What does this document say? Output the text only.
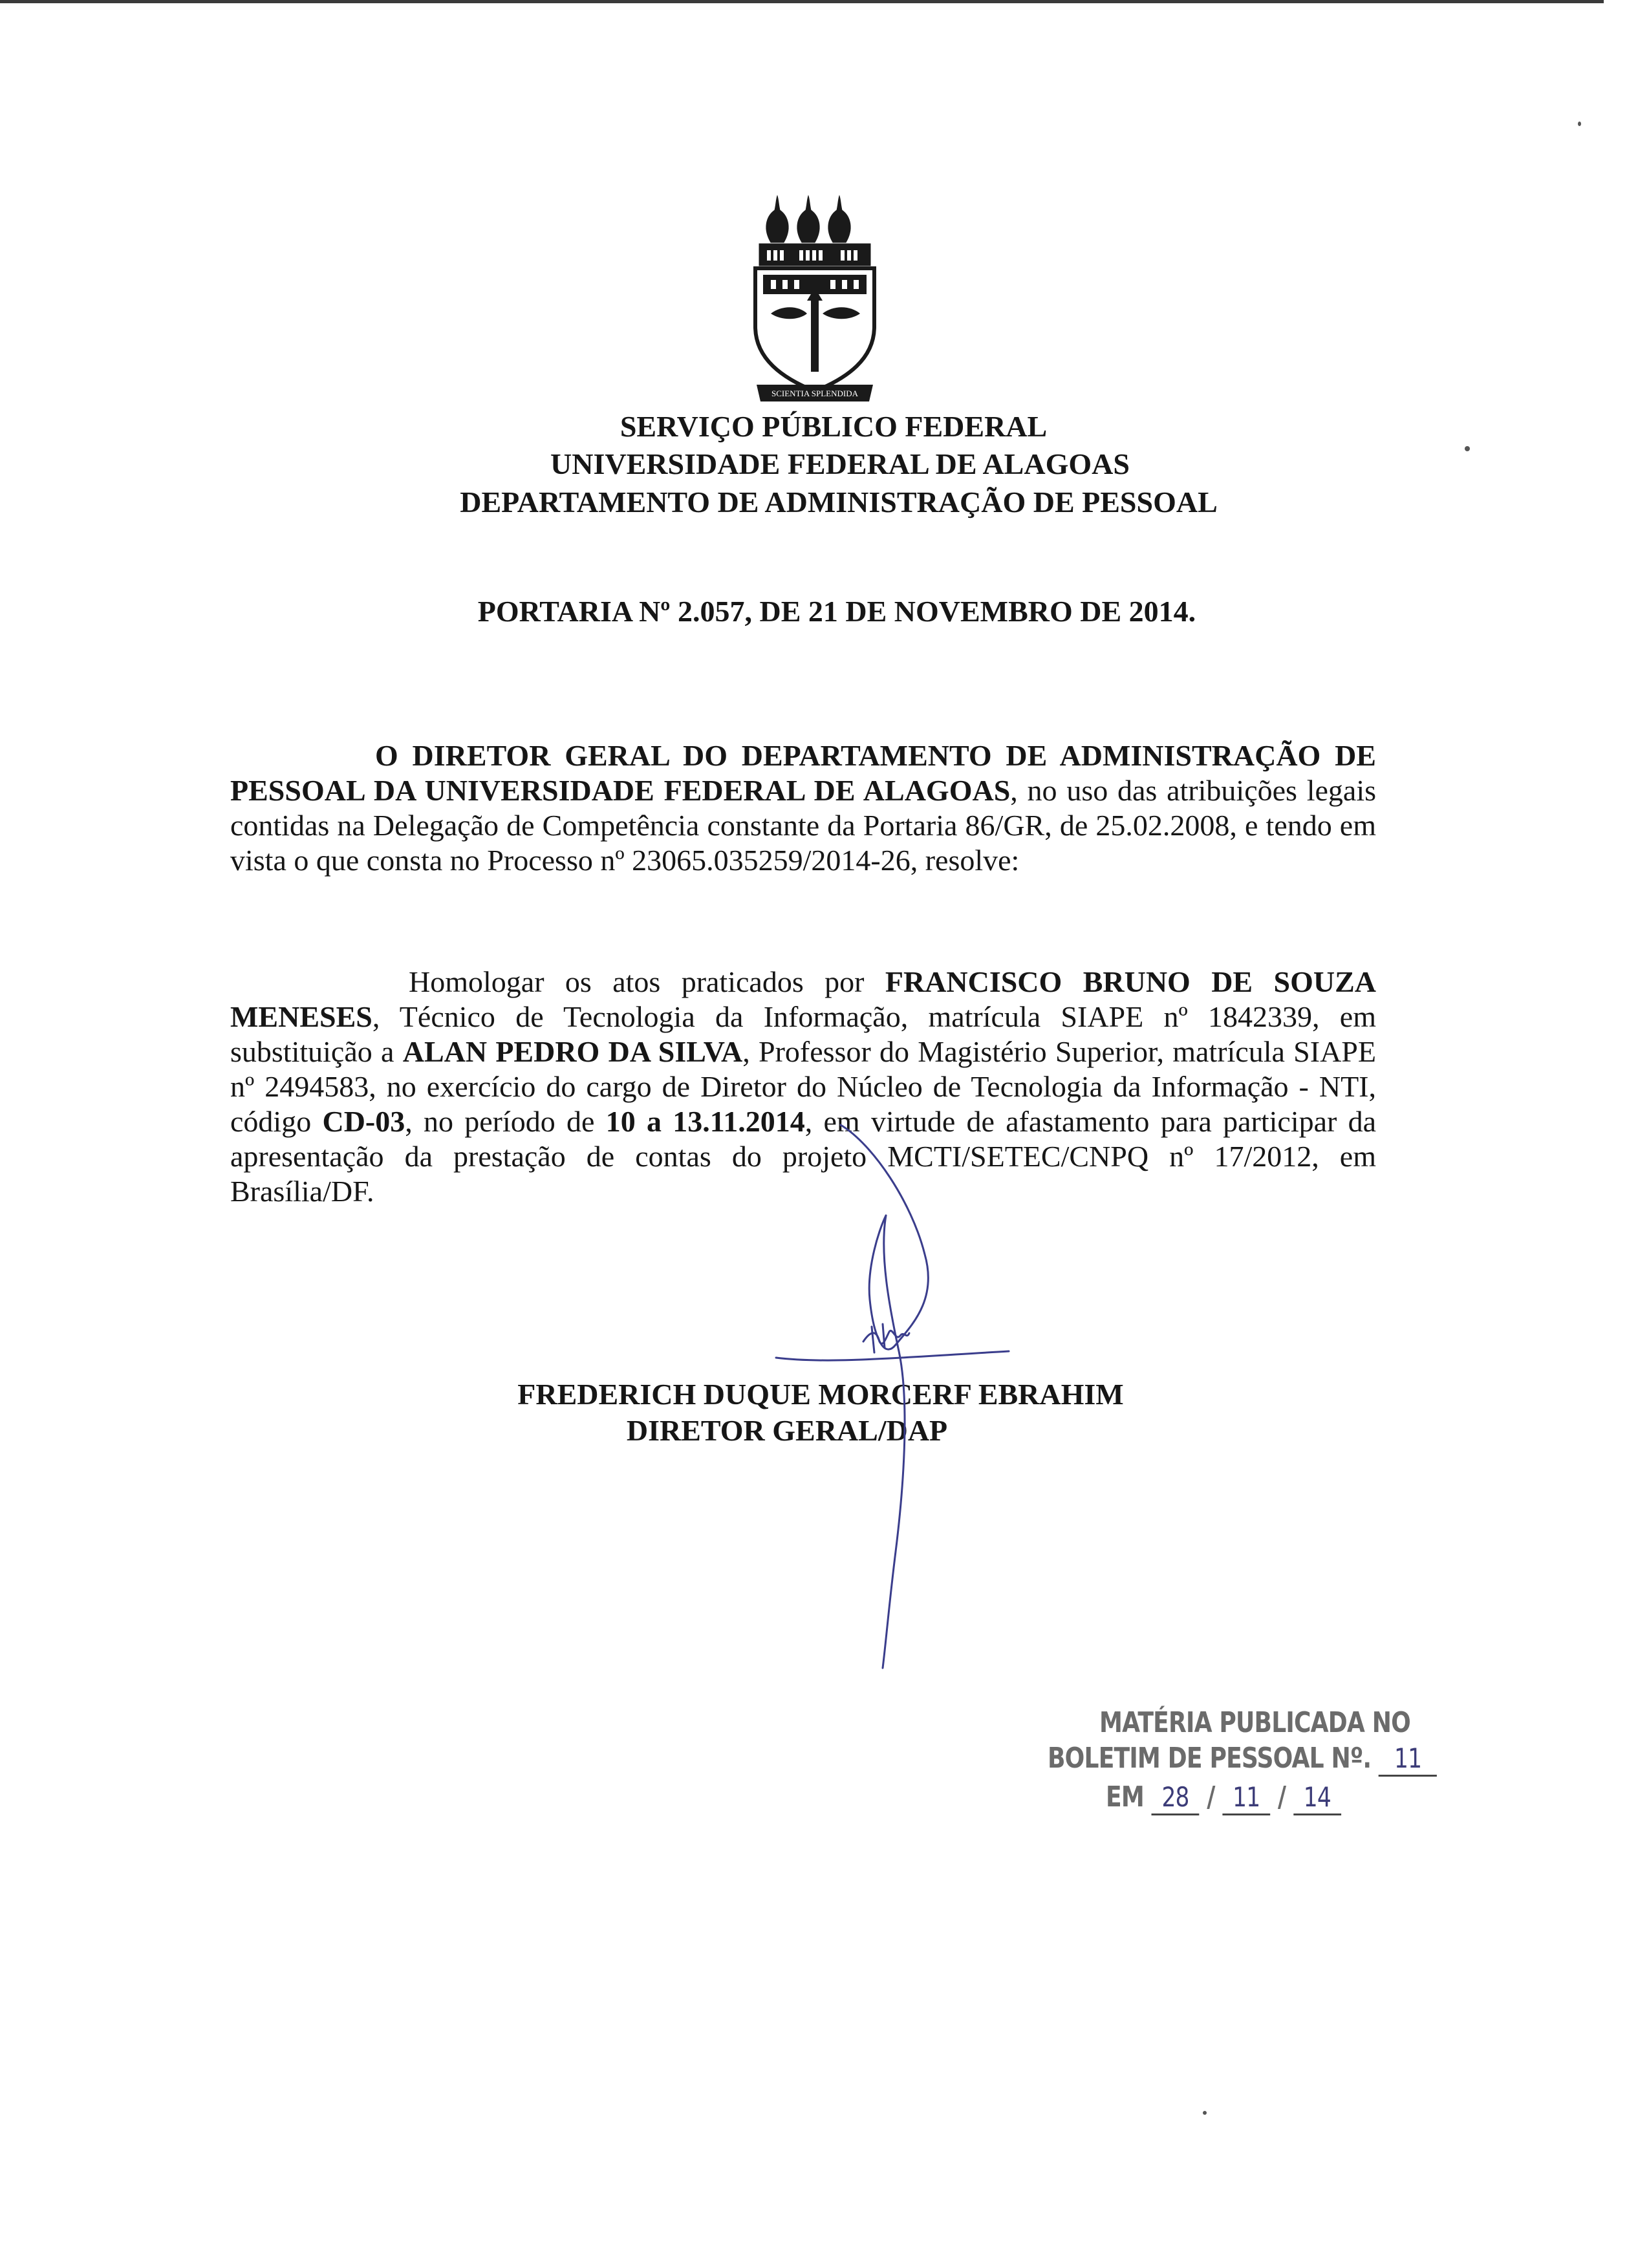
SCIENTIA SPLENDIDA

SERVIÇO PÚBLICO FEDERAL

UNIVERSIDADE FEDERAL DE ALAGOAS

DEPARTAMENTO DE ADMINISTRAÇÃO DE PESSOAL

PORTARIA Nº 2.057, DE 21 DE NOVEMBRO DE 2014.

O DIRETOR GERAL DO DEPARTAMENTO DE ADMINISTRAÇÃO DE PESSOAL DA UNIVERSIDADE FEDERAL DE ALAGOAS, no uso das atribuições legais contidas na Delegação de Competência constante da Portaria 86/GR, de 25.02.2008, e tendo em vista o que consta no Processo nº 23065.035259/2014-26, resolve:

Homologar os atos praticados por FRANCISCO BRUNO DE SOUZA MENESES, Técnico de Tecnologia da Informação, matrícula SIAPE nº 1842339, em substituição a ALAN PEDRO DA SILVA, Professor do Magistério Superior, matrícula SIAPE nº 2494583, no exercício do cargo de Diretor do Núcleo de Tecnologia da Informação - NTI, código CD-03, no período de 10 a 13.11.2014, em virtude de afastamento para participar da apresentação da prestação de contas do projeto MCTI/SETEC/CNPQ nº 17/2012, em Brasília/DF.

FREDERICH DUQUE MORCERF EBRAHIM

DIRETOR GERAL/DAP

MATÉRIA PUBLICADA NO
BOLETIM DE PESSOAL Nº. 11
EM 28 / 11 / 14
